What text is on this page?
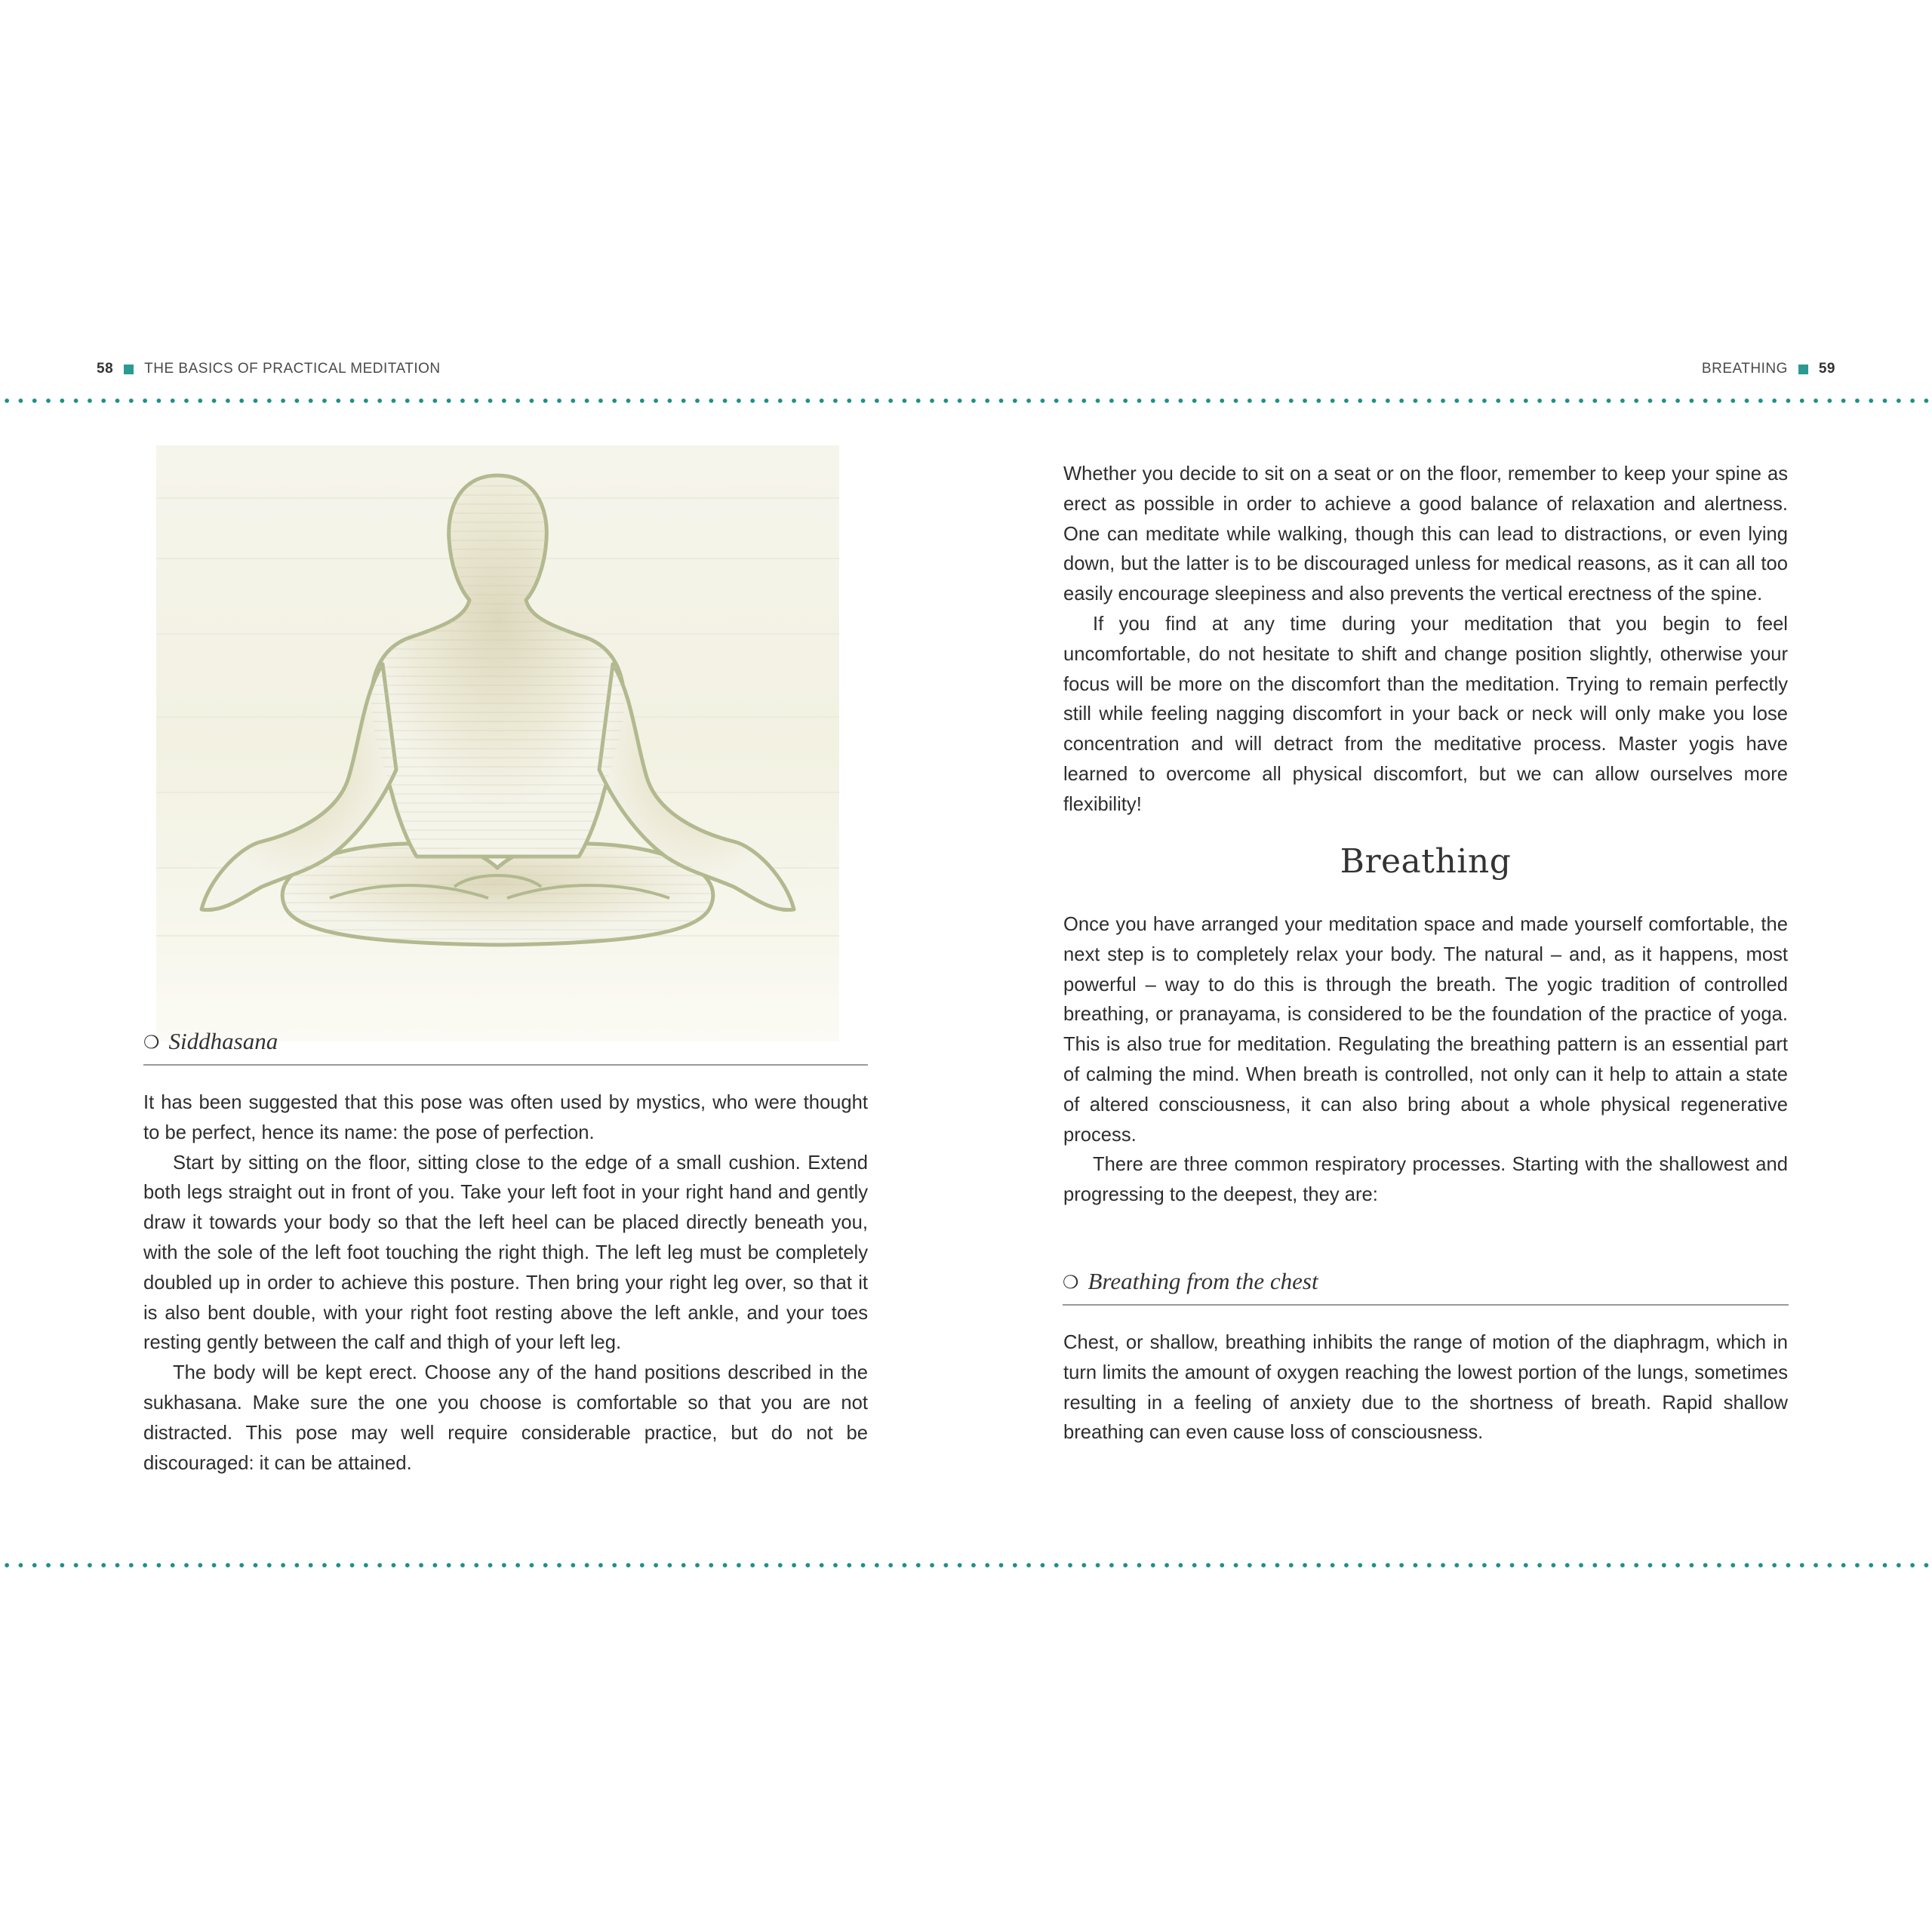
58 THE BASICS OF PRACTICAL MEDITATION	BREATHING 59
❍ Siddhasana

It has been suggested that this pose was often used by mystics, who were thought to be perfect, hence its name: the pose of perfection.

Start by sitting on the floor, sitting close to the edge of a small cushion. Extend both legs straight out in front of you. Take your left foot in your right hand and gently draw it towards your body so that the left heel can be placed directly beneath you, with the sole of the left foot touching the right thigh. The left leg must be completely doubled up in order to achieve this posture. Then bring your right leg over, so that it is also bent double, with your right foot resting above the left ankle, and your toes resting gently between the calf and thigh of your left leg.

The body will be kept erect. Choose any of the hand positions described in the sukhasana. Make sure the one you choose is comfortable so that you are not distracted. This pose may well require considerable practice, but do not be discouraged: it can be attained.

Whether you decide to sit on a seat or on the floor, remember to keep your spine as erect as possible in order to achieve a good balance of relaxation and alertness. One can meditate while walking, though this can lead to distractions, or even lying down, but the latter is to be discouraged unless for medical reasons, as it can all too easily encourage sleepiness and also prevents the vertical erectness of the spine.

If you find at any time during your meditation that you begin to feel uncomfortable, do not hesitate to shift and change position slightly, otherwise your focus will be more on the discomfort than the meditation. Trying to remain perfectly still while feeling nagging discomfort in your back or neck will only make you lose concentration and will detract from the meditative process. Master yogis have learned to overcome all physical discomfort, but we can allow ourselves more flexibility!

Breathing

Once you have arranged your meditation space and made yourself comfortable, the next step is to completely relax your body. The natural – and, as it happens, most powerful – way to do this is through the breath. The yogic tradition of controlled breathing, or pranayama, is considered to be the foundation of the practice of yoga. This is also true for meditation. Regulating the breathing pattern is an essential part of calming the mind. When breath is controlled, not only can it help to attain a state of altered consciousness, it can also bring about a whole physical regenerative process.

There are three common respiratory processes. Starting with the shallowest and progressing to the deepest, they are:

❍ Breathing from the chest

Chest, or shallow, breathing inhibits the range of motion of the diaphragm, which in turn limits the amount of oxygen reaching the lowest portion of the lungs, sometimes resulting in a feeling of anxiety due to the shortness of breath. Rapid shallow breathing can even cause loss of consciousness.
